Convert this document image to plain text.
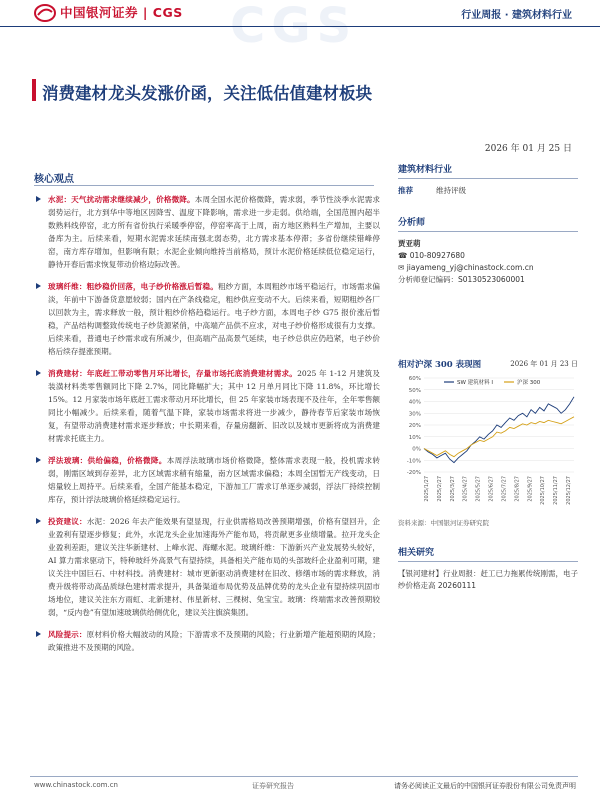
CGS
中国银河证券 | CGS	行业周报 · 建筑材料行业
消费建材龙头发涨价函，关注低估值建材板块
2026 年 01 月 25 日
核心观点

水泥：天气扰动需求继续减少，价格微降。本周全国水泥价格微降，需求弱，季节性淡季水泥需求弱势运行，北方到华中等地区因降雪、温度下降影响，需求进一步走弱。供给端，全国范围内超半数熟料线停窑，北方所有省份执行采暖季停窑，停窑率高于上周，南方地区熟料生产增加，主要以备库为主。后续来看，短期水泥需求延续南强北弱态势，北方需求基本停滞；多省份继续错峰停窑，南方库存增加，但影响有限；水泥企业倾向维持当前格局，预计水泥价格延续低位稳定运行，静待开春后需求恢复带动价格边际改善。

玻璃纤维：粗纱稳价回落，电子纱价格涨后暂稳。粗纱方面，本周粗纱市场平稳运行，市场需求偏淡，年前中下游备货意愿较弱；国内在产条线稳定，粗纱供应变动不大。后续来看，短期粗纱各厂以回款为主，需求释放一般，预计粗纱价格趋稳运行。电子纱方面，本周电子纱 G75 报价涨后暂稳，产品结构调整致传统电子纱货源紧俏，中高端产品供不应求，对电子纱价格形成很有力支撑。后续来看，普通电子纱需求或有所减少，但高端产品高景气延续，电子纱总供应仍趋紧，电子纱价格后续存提涨预期。

消费建材：年底赶工带动零售月环比增长，存量市场托底消费建材需求。2025 年 1-12 月建筑及装潢材料类零售额同比下降 2.7%，同比降幅扩大；其中 12 月单月同比下降 11.8%，环比增长 15%。12 月家装市场年底赶工需求带动月环比增长，但 25 年家装市场表现不及往年，全年零售额同比小幅减少。后续来看，随着气温下降，家装市场需求将进一步减少，静待春节后家装市场恢复，有望带动消费建材需求逐步释放；中长期来看，存量房翻新、旧改以及城市更新将成为消费建材需求托底主力。

浮法玻璃：供给偏稳，价格微降。本周浮法玻璃市场价格微降，整体需求表现一般，投机需求转弱，刚需区域到存差异，北方区域需求稍有缩量，南方区域需求偏稳；本周全国暂无产线变动，日熔量较上周持平。后续来看，全国产能基本稳定，下游加工厂需求订单逐步减弱，浮法厂持续控制库存，预计浮法玻璃价格延续稳定运行。

投资建议：水泥：2026 年去产能效果有望显现，行业供需格局改善预期增强，价格有望回升，企业盈利有望逐步修复；此外，水泥龙头企业加速海外产能布局，将贡献更多业绩增量。拉开龙头企业盈利差距，建议关注华新建材、上峰水泥、海螺水泥。玻璃纤维：下游新兴产业发展势头较好，AI 算力需求驱动下，特种玻纤外高景气有望持续，具备相关产能布局的头部玻纤企业盈利可期，建议关注中国巨石、中材科技。消费建材：城市更新驱动消费建材在旧改、修缮市场的需求释放，消费升级将带动高品质绿色建材需求提升，具备渠道布局优势及品牌优势的龙头企业有望持续巩固市场地位，建议关注东方雨虹、北新建材、伟星新材、三棵树、兔宝宝。玻璃：终端需求改善预期较弱，“反内卷”有望加速玻璃供给侧优化，建议关注旗滨集团。

风险提示：原材料价格大幅波动的风险；下游需求不及预期的风险；行业新增产能超预期的风险；政策推进不及预期的风险。

建筑材料行业
推荐	维持评级
分析师
贾亚萌
☎ 010-80927680
✉ jiayameng_yj@chinastock.com.cn
分析师登记编码：S0130523060001
相对沪深 300 表现图	2026 年 01 月 23 日
60%
50%
40%
30%
20%
10%
0%
-10%
-20%
2025/1/27 2025/2/27 2025/3/27 2025/4/27 2025/5/27 2025/6/27 2025/7/27 2025/8/27 2025/9/27 2025/10/27 2025/11/27 2025/12/27
SW 建筑材料 I	沪深 300
资料来源：中国银河证券研究院
相关研究
【银河建材】行业周报：赶工已力拖累传统刚需，电子纱价格走高 20260111
www.chinastock.com.cn	证券研究报告	请务必阅读正文最后的中国银河证券股份有限公司免责声明
